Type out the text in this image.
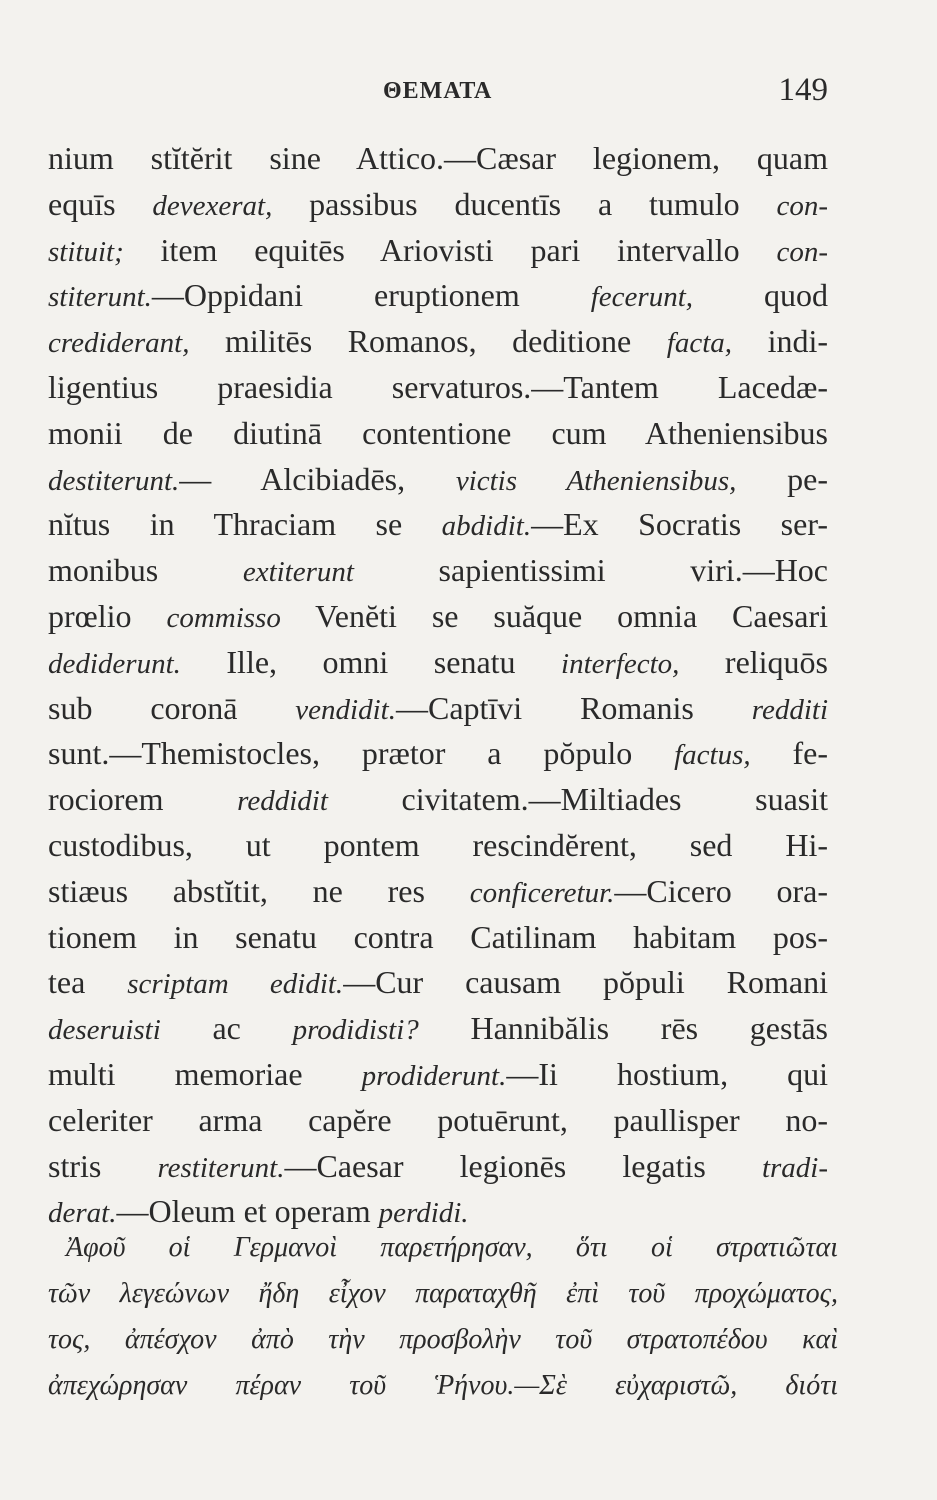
ΘΕΜΑΤΑ	149
nium stĭtĕrit sine Attico.—Cæsar legionem, quam
equīs devexerat, passibus ducentīs a tumulo con-
stituit; item equitēs Ariovisti pari intervallo con-
stiterunt.—Oppidani eruptionem fecerunt, quod
crediderant, militēs Romanos, deditione facta, indi-
ligentius praesidia servaturos.—Tantem Lacedæ-
monii de diutinā contentione cum Atheniensibus
destiterunt.— Alcibiadēs, victis Atheniensibus, pe-
nĭtus in Thraciam se abdidit.—Ex Socratis ser-
monibus extiterunt sapientissimi viri.—Hoc
prœlio commisso Venĕti se suăque omnia Caesari
dediderunt. Ille, omni senatu interfecto, reliquōs
sub coronā vendidit.—Captīvi Romanis redditi
sunt.—Themistocles, prætor a pŏpulo factus, fe-
rociorem reddidit civitatem.—Miltiades suasit
custodibus, ut pontem rescindĕrent, sed Hi-
stiæus abstĭtit, ne res conficeretur.—Cicero ora-
tionem in senatu contra Catilinam habitam pos-
tea scriptam edidit.—Cur causam pŏpuli Romani
deseruisti ac prodidisti? Hannibălis rēs gestās
multi memoriae prodiderunt.—Ii hostium, qui
celeriter arma capĕre potuērunt, paullisper no-
stris restiterunt.—Caesar legionēs legatis tradi-
derat.—Oleum et operam perdidi.
Ἀφοῦ οἱ Γερμανοὶ παρετήρησαν, ὅτι οἱ στρατιῶται
τῶν λεγεώνων ἤδη εἶχον παραταχθῆ ἐπὶ τοῦ προχώματος,
τος, ἀπέσχον ἀπὸ τὴν προσβολὴν τοῦ στρατοπέδου καὶ
ἀπεχώρησαν πέραν τοῦ Ῥήνου.—Σὲ εὐχαριστῶ, διότι
